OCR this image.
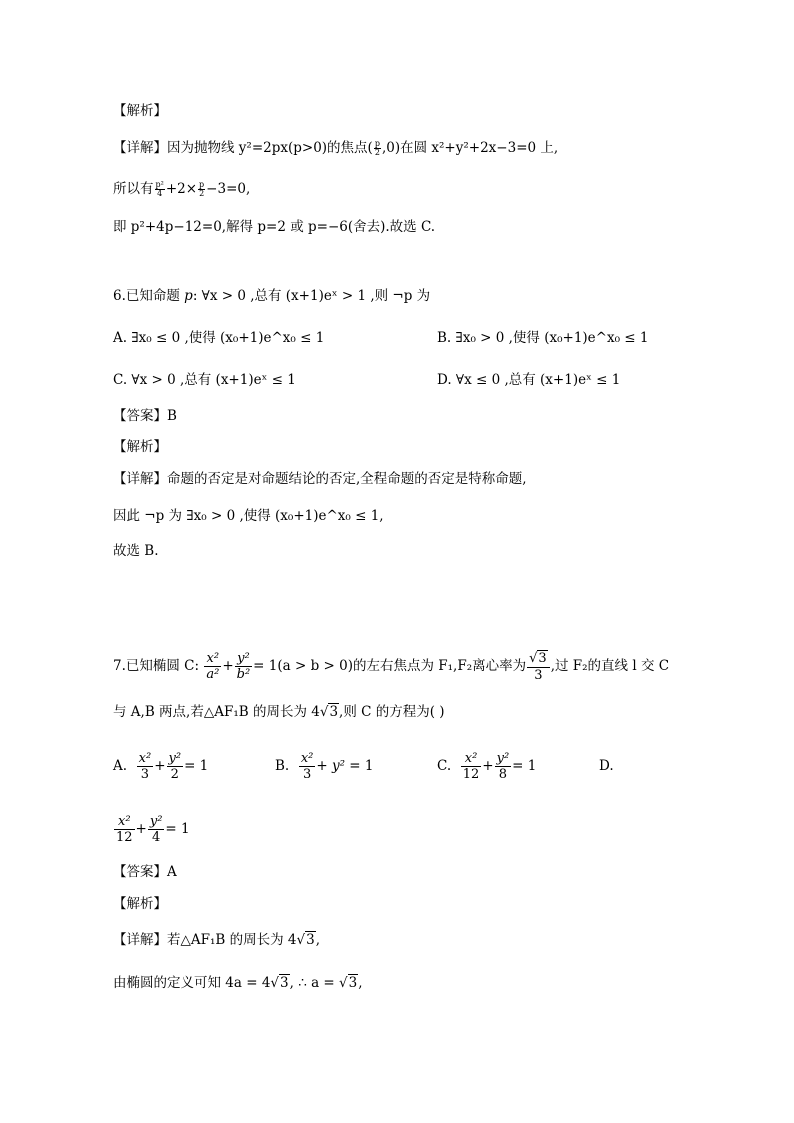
【解析】
【详解】因为抛物线 y²=2px(p>0)的焦点( $\frac{p}{2} ,0$)在圆 x²+y²+2x−3=0 上,
所以有 $\frac{\text{p²}}{4} +2\times \frac{p}{2} -3=0$,
即 p²+4p−12=0,解得 p=2 或 p=−6(舍去).故选 C.
6.已知命题 p: ∀x > 0 ,总有 (x+1)eˣ > 1 ,则 ¬p 为
A. ∃x₀ ≤ 0 ,使得 (x₀+1)e^x₀ ≤ 1	B. ∃x₀ > 0 ,使得 (x₀+1)e^x₀ ≤ 1
C. ∀x > 0 ,总有 (x+1)eˣ ≤ 1	D. ∀x ≤ 0 ,总有 (x+1)eˣ ≤ 1
【答案】B
【解析】
【详解】命题的否定是对命题结论的否定,全程命题的否定是特称命题,
因此 ¬p 为 ∃x₀ > 0 ,使得 (x₀+1)e^x₀ ≤ 1,
故选 B.
7.已知椭圆 C: $\frac{\text{x²}}{\text{a²}} + \frac{\text{y²}}{\text{b²}} = 1(a > b > 0)$的左右焦点为 F₁,F₂离心率为 $\frac{√3}{3}$ ,过 F₂的直线 l 交 C
与 A,B 两点,若△AF₁B 的周长为 4√3,则 C 的方程为( )
A. $\frac{\text{x²}}{3} + \frac{\text{y²}}{2} = 1$	B. $\frac{\text{x²}}{3} + y^2 = 1$	C. $\frac{\text{x²}}{12} + \frac{\text{y²}}{8} = 1$	D.
$\frac{\text{x²}}{12} + \frac{\text{y²}}{4} = 1$
【答案】A
【解析】
【详解】若△AF₁B 的周长为 4√3,
由椭圆的定义可知 4a = 4√3, ∴ a = √3,
